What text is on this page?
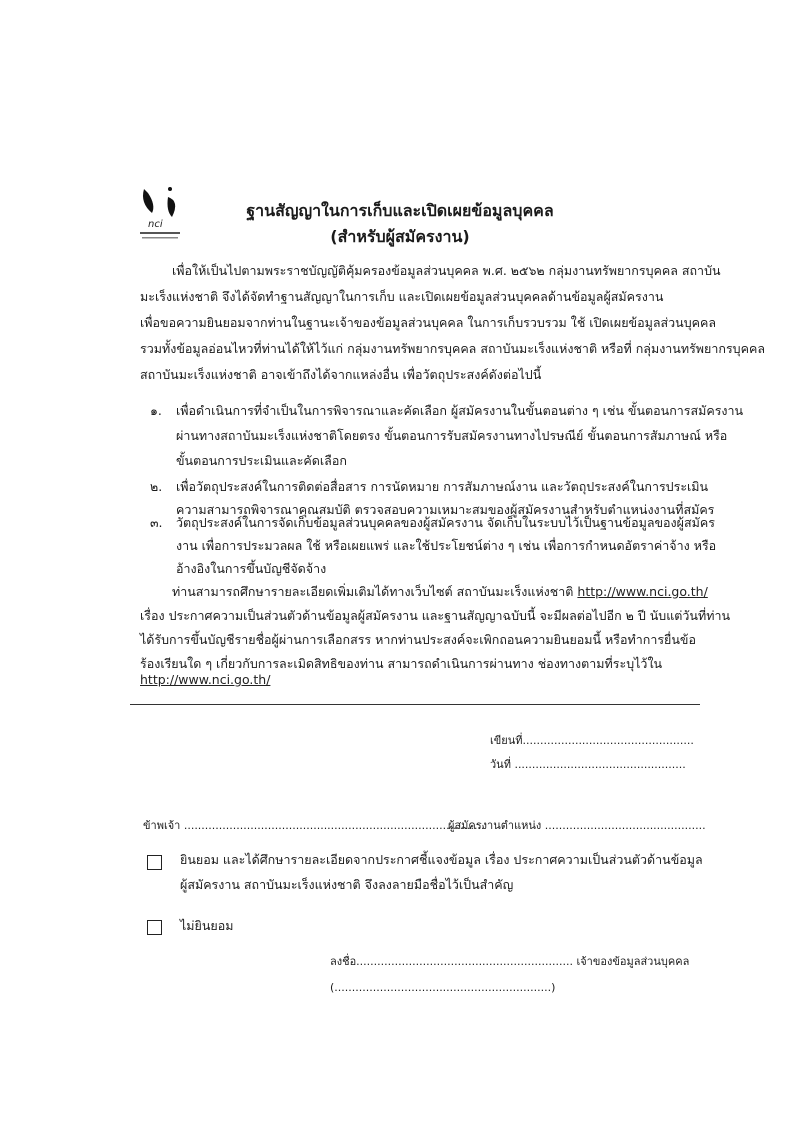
nci
ฐานสัญญาในการเก็บและเปิดเผยข้อมูลบุคคล
(สำหรับผู้สมัครงาน)
เพื่อให้เป็นไปตามพระราชบัญญัติคุ้มครองข้อมูลส่วนบุคคล พ.ศ. ๒๕๖๒ กลุ่มงานทรัพยากรบุคคล สถาบัน
มะเร็งแห่งชาติ จึงได้จัดทำฐานสัญญาในการเก็บ และเปิดเผยข้อมูลส่วนบุคคลด้านข้อมูลผู้สมัครงาน
เพื่อขอความยินยอมจากท่านในฐานะเจ้าของข้อมูลส่วนบุคคล ในการเก็บรวบรวม ใช้ เปิดเผยข้อมูลส่วนบุคคล
รวมทั้งข้อมูลอ่อนไหวที่ท่านได้ให้ไว้แก่ กลุ่มงานทรัพยากรบุคคล สถาบันมะเร็งแห่งชาติ หรือที่ กลุ่มงานทรัพยากรบุคคล
สถาบันมะเร็งแห่งชาติ อาจเข้าถึงได้จากแหล่งอื่น เพื่อวัตถุประสงค์ดังต่อไปนี้
๑. เพื่อดำเนินการที่จำเป็นในการพิจารณาและคัดเลือก ผู้สมัครงานในขั้นตอนต่าง ๆ เช่น ขั้นตอนการสมัครงาน
ผ่านทางสถาบันมะเร็งแห่งชาติโดยตรง ขั้นตอนการรับสมัครงานทางไปรษณีย์ ขั้นตอนการสัมภาษณ์ หรือ
ขั้นตอนการประเมินและคัดเลือก
๒. เพื่อวัตถุประสงค์ในการติดต่อสื่อสาร การนัดหมาย การสัมภาษณ์งาน และวัตถุประสงค์ในการประเมิน
ความสามารถพิจารณาคุณสมบัติ ตรวจสอบความเหมาะสมของผู้สมัครงานสำหรับตำแหน่งงานที่สมัคร
๓. วัตถุประสงค์ในการจัดเก็บข้อมูลส่วนบุคคลของผู้สมัครงาน จัดเก็บในระบบไว้เป็นฐานข้อมูลของผู้สมัคร
งาน เพื่อการประมวลผล ใช้ หรือเผยแพร่ และใช้ประโยชน์ต่าง ๆ เช่น เพื่อการกำหนดอัตราค่าจ้าง หรือ
อ้างอิงในการขึ้นบัญชีจัดจ้าง
ท่านสามารถศึกษารายละเอียดเพิ่มเติมได้ทางเว็บไซต์ สถาบันมะเร็งแห่งชาติ http://www.nci.go.th/
เรื่อง ประกาศความเป็นส่วนตัวด้านข้อมูลผู้สมัครงาน และฐานสัญญาฉบับนี้ จะมีผลต่อไปอีก ๒ ปี นับแต่วันที่ท่าน
ได้รับการขึ้นบัญชีรายชื่อผู้ผ่านการเลือกสรร หากท่านประสงค์จะเพิกถอนความยินยอมนี้ หรือทำการยื่นข้อ
ร้องเรียนใด ๆ เกี่ยวกับการละเมิดสิทธิของท่าน สามารถดำเนินการผ่านทาง ช่องทางตามที่ระบุไว้ใน
http://www.nci.go.th/
เขียนที่.................................................
วันที่ .................................................
ข้าพเจ้า ......................................................................................
ผู้สมัครงานตำแหน่ง ..............................................
ยินยอม และได้ศึกษารายละเอียดจากประกาศชี้แจงข้อมูล เรื่อง ประกาศความเป็นส่วนตัวด้านข้อมูล
ผู้สมัครงาน สถาบันมะเร็งแห่งชาติ จึงลงลายมือชื่อไว้เป็นสำคัญ
ไม่ยินยอม
ลงชื่อ.............................................................. เจ้าของข้อมูลส่วนบุคคล
(..............................................................)
